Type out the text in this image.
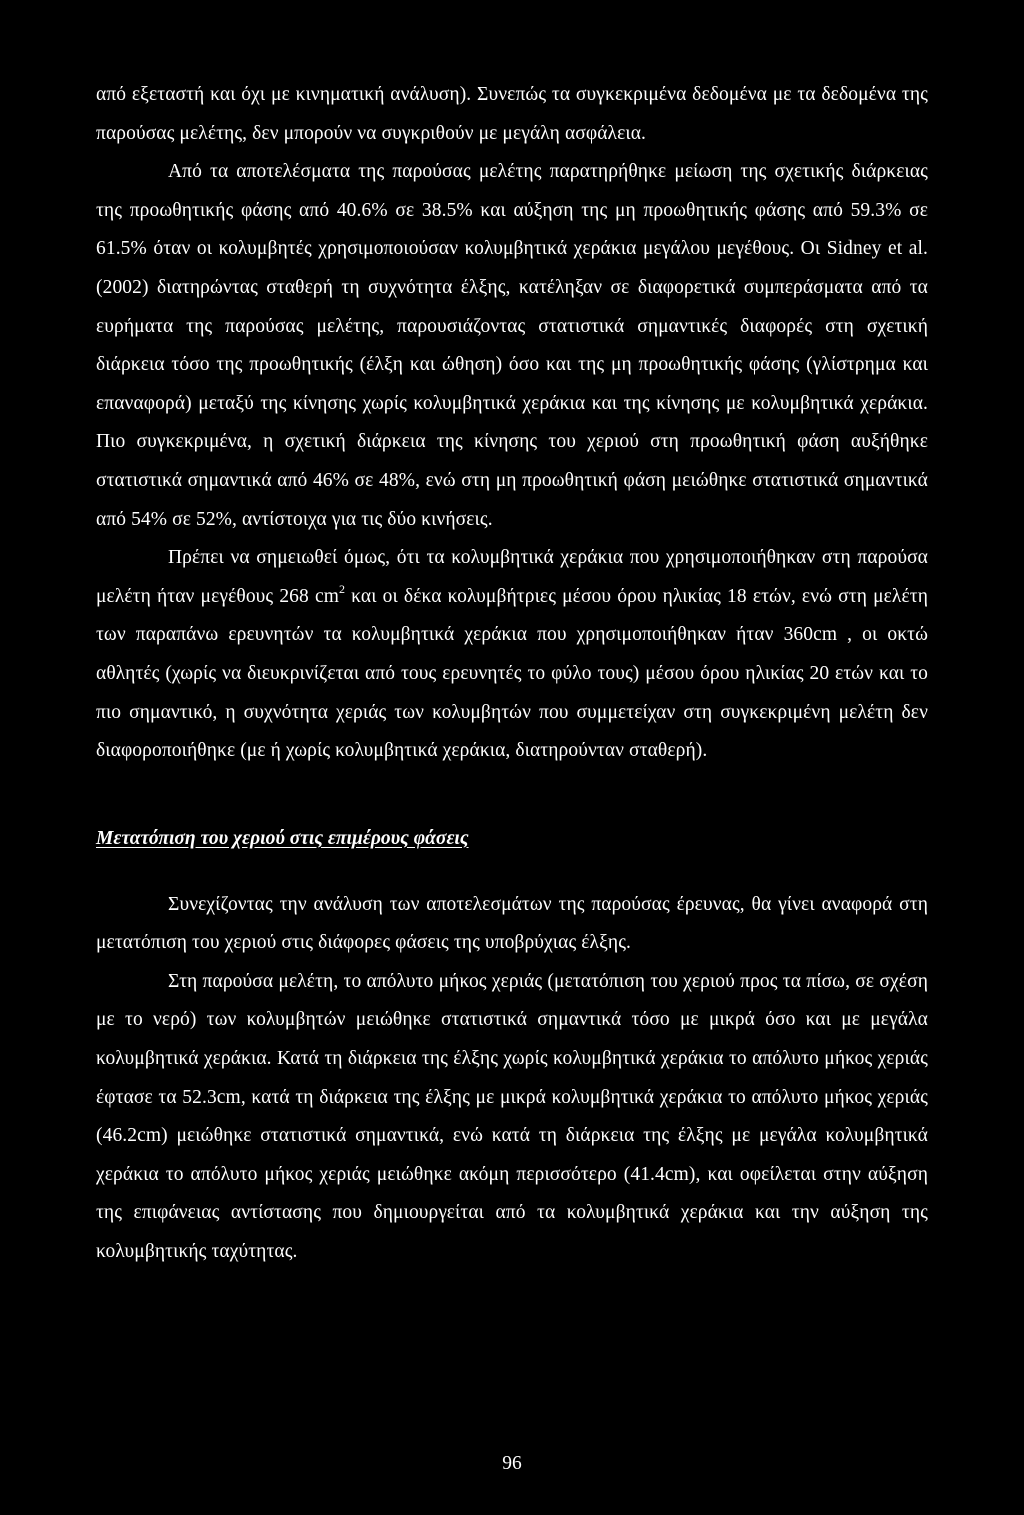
από εξεταστή και όχι με κινηματική ανάλυση). Συνεπώς τα συγκεκριμένα δεδομένα με τα δεδομένα της παρούσας μελέτης, δεν μπορούν να συγκριθούν με μεγάλη ασφάλεια.

Από τα αποτελέσματα της παρούσας μελέτης παρατηρήθηκε μείωση της σχετικής διάρκειας της προωθητικής φάσης από 40.6% σε 38.5% και αύξηση της μη προωθητικής φάσης από 59.3% σε 61.5% όταν οι κολυμβητές χρησιμοποιούσαν κολυμβητικά χεράκια μεγάλου μεγέθους. Οι Sidney et al. (2002) διατηρώντας σταθερή τη συχνότητα έλξης, κατέληξαν σε διαφορετικά συμπεράσματα από τα ευρήματα της παρούσας μελέτης, παρουσιάζοντας στατιστικά σημαντικές διαφορές στη σχετική διάρκεια τόσο της προωθητικής (έλξη και ώθηση) όσο και της μη προωθητικής φάσης (γλίστρημα και επαναφορά) μεταξύ της κίνησης χωρίς κολυμβητικά χεράκια και της κίνησης με κολυμβητικά χεράκια. Πιο συγκεκριμένα, η σχετική διάρκεια της κίνησης του χεριού στη προωθητική φάση αυξήθηκε στατιστικά σημαντικά από 46% σε 48%, ενώ στη μη προωθητική φάση μειώθηκε στατιστικά σημαντικά από 54% σε 52%, αντίστοιχα για τις δύο κινήσεις.

Πρέπει να σημειωθεί όμως, ότι τα κολυμβητικά χεράκια που χρησιμοποιήθηκαν στη παρούσα μελέτη ήταν μεγέθους 268 $cm^2$ και οι δέκα κολυμβήτριες μέσου όρου ηλικίας 18 ετών, ενώ στη μελέτη των παραπάνω ερευνητών τα κολυμβητικά χεράκια που χρησιμοποιήθηκαν ήταν 360cm , οι οκτώ αθλητές (χωρίς να διευκρινίζεται από τους ερευνητές το φύλο τους) μέσου όρου ηλικίας 20 ετών και το πιο σημαντικό, η συχνότητα χεριάς των κολυμβητών που συμμετείχαν στη συγκεκριμένη μελέτη δεν διαφοροποιήθηκε (με ή χωρίς κολυμβητικά χεράκια, διατηρούνταν σταθερή).

Μετατόπιση του χεριού στις επιμέρους φάσεις

Συνεχίζοντας την ανάλυση των αποτελεσμάτων της παρούσας έρευνας, θα γίνει αναφορά στη μετατόπιση του χεριού στις διάφορες φάσεις της υποβρύχιας έλξης.

Στη παρούσα μελέτη, το απόλυτο μήκος χεριάς (μετατόπιση του χεριού προς τα πίσω, σε σχέση με το νερό) των κολυμβητών μειώθηκε στατιστικά σημαντικά τόσο με μικρά όσο και με μεγάλα κολυμβητικά χεράκια. Κατά τη διάρκεια της έλξης χωρίς κολυμβητικά χεράκια το απόλυτο μήκος χεριάς έφτασε τα 52.3cm, κατά τη διάρκεια της έλξης με μικρά κολυμβητικά χεράκια το απόλυτο μήκος χεριάς (46.2cm) μειώθηκε στατιστικά σημαντικά, ενώ κατά τη διάρκεια της έλξης με μεγάλα κολυμβητικά χεράκια το απόλυτο μήκος χεριάς μειώθηκε ακόμη περισσότερο (41.4cm), και οφείλεται στην αύξηση της επιφάνειας αντίστασης που δημιουργείται από τα κολυμβητικά χεράκια και την αύξηση της κολυμβητικής ταχύτητας.

96
